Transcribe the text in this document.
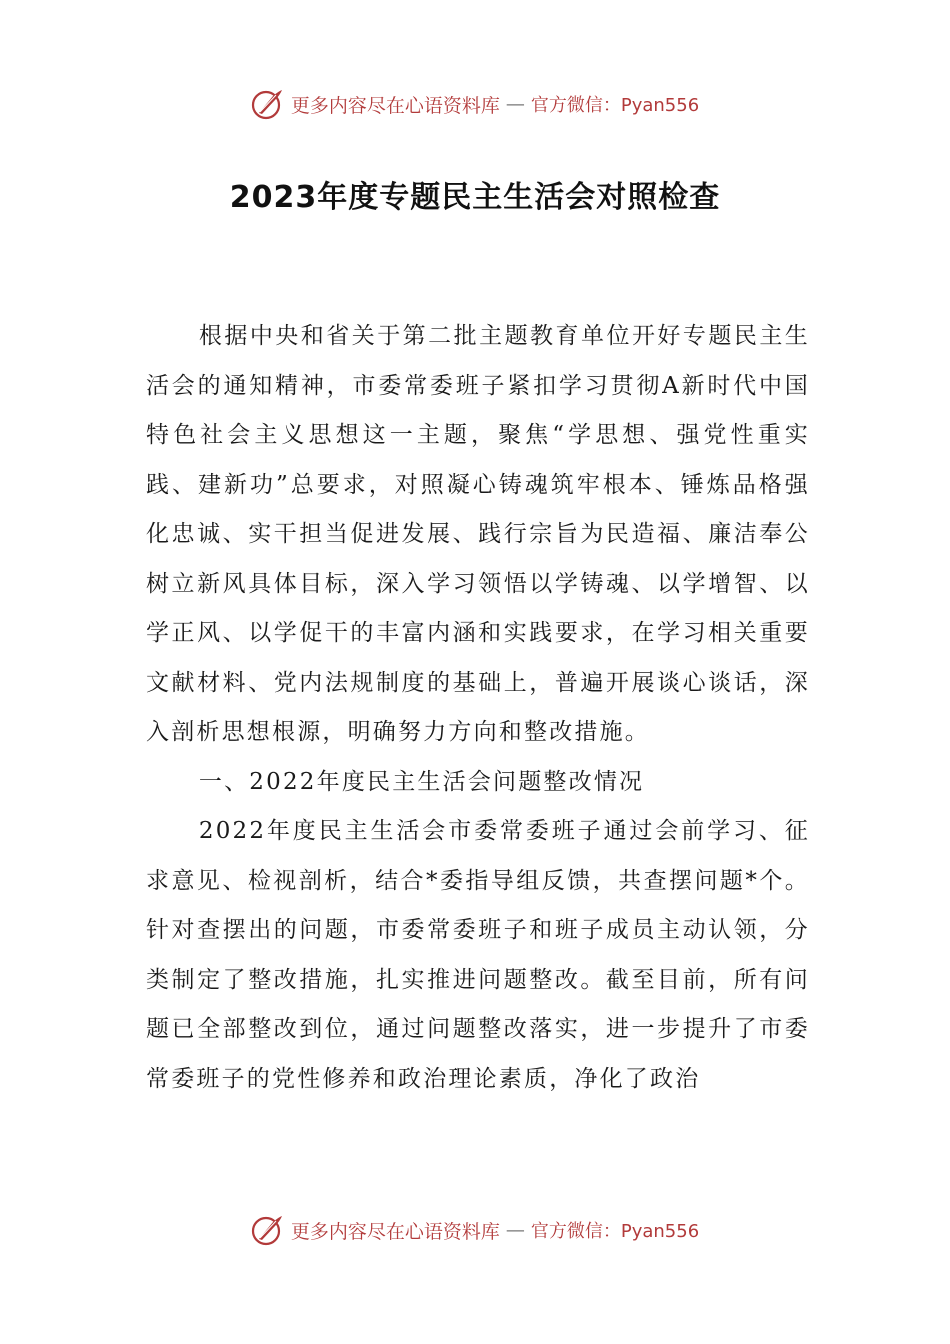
更多内容尽在心语资料库 — 官方微信：Pyan556
2023年度专题民主生活会对照检查

根据中央和省关于第二批主题教育单位开好专题民主生活会的通知精神，市委常委班子紧扣学习贯彻A新时代中国特色社会主义思想这一主题，聚焦“学思想、强党性重实践、建新功”总要求，对照凝心铸魂筑牢根本、锤炼品格强化忠诚、实干担当促进发展、践行宗旨为民造福、廉洁奉公树立新风具体目标，深入学习领悟以学铸魂、以学增智、以学正风、以学促干的丰富内涵和实践要求，在学习相关重要文献材料、党内法规制度的基础上，普遍开展谈心谈话，深入剖析思想根源，明确努力方向和整改措施。

一、2022年度民主生活会问题整改情况

2022年度民主生活会市委常委班子通过会前学习、征求意见、检视剖析，结合*委指导组反馈，共查摆问题*个。针对查摆出的问题，市委常委班子和班子成员主动认领，分类制定了整改措施，扎实推进问题整改。截至目前，所有问题已全部整改到位，通过问题整改落实，进一步提升了市委常委班子的党性修养和政治理论素质，净化了政治

更多内容尽在心语资料库 — 官方微信：Pyan556
